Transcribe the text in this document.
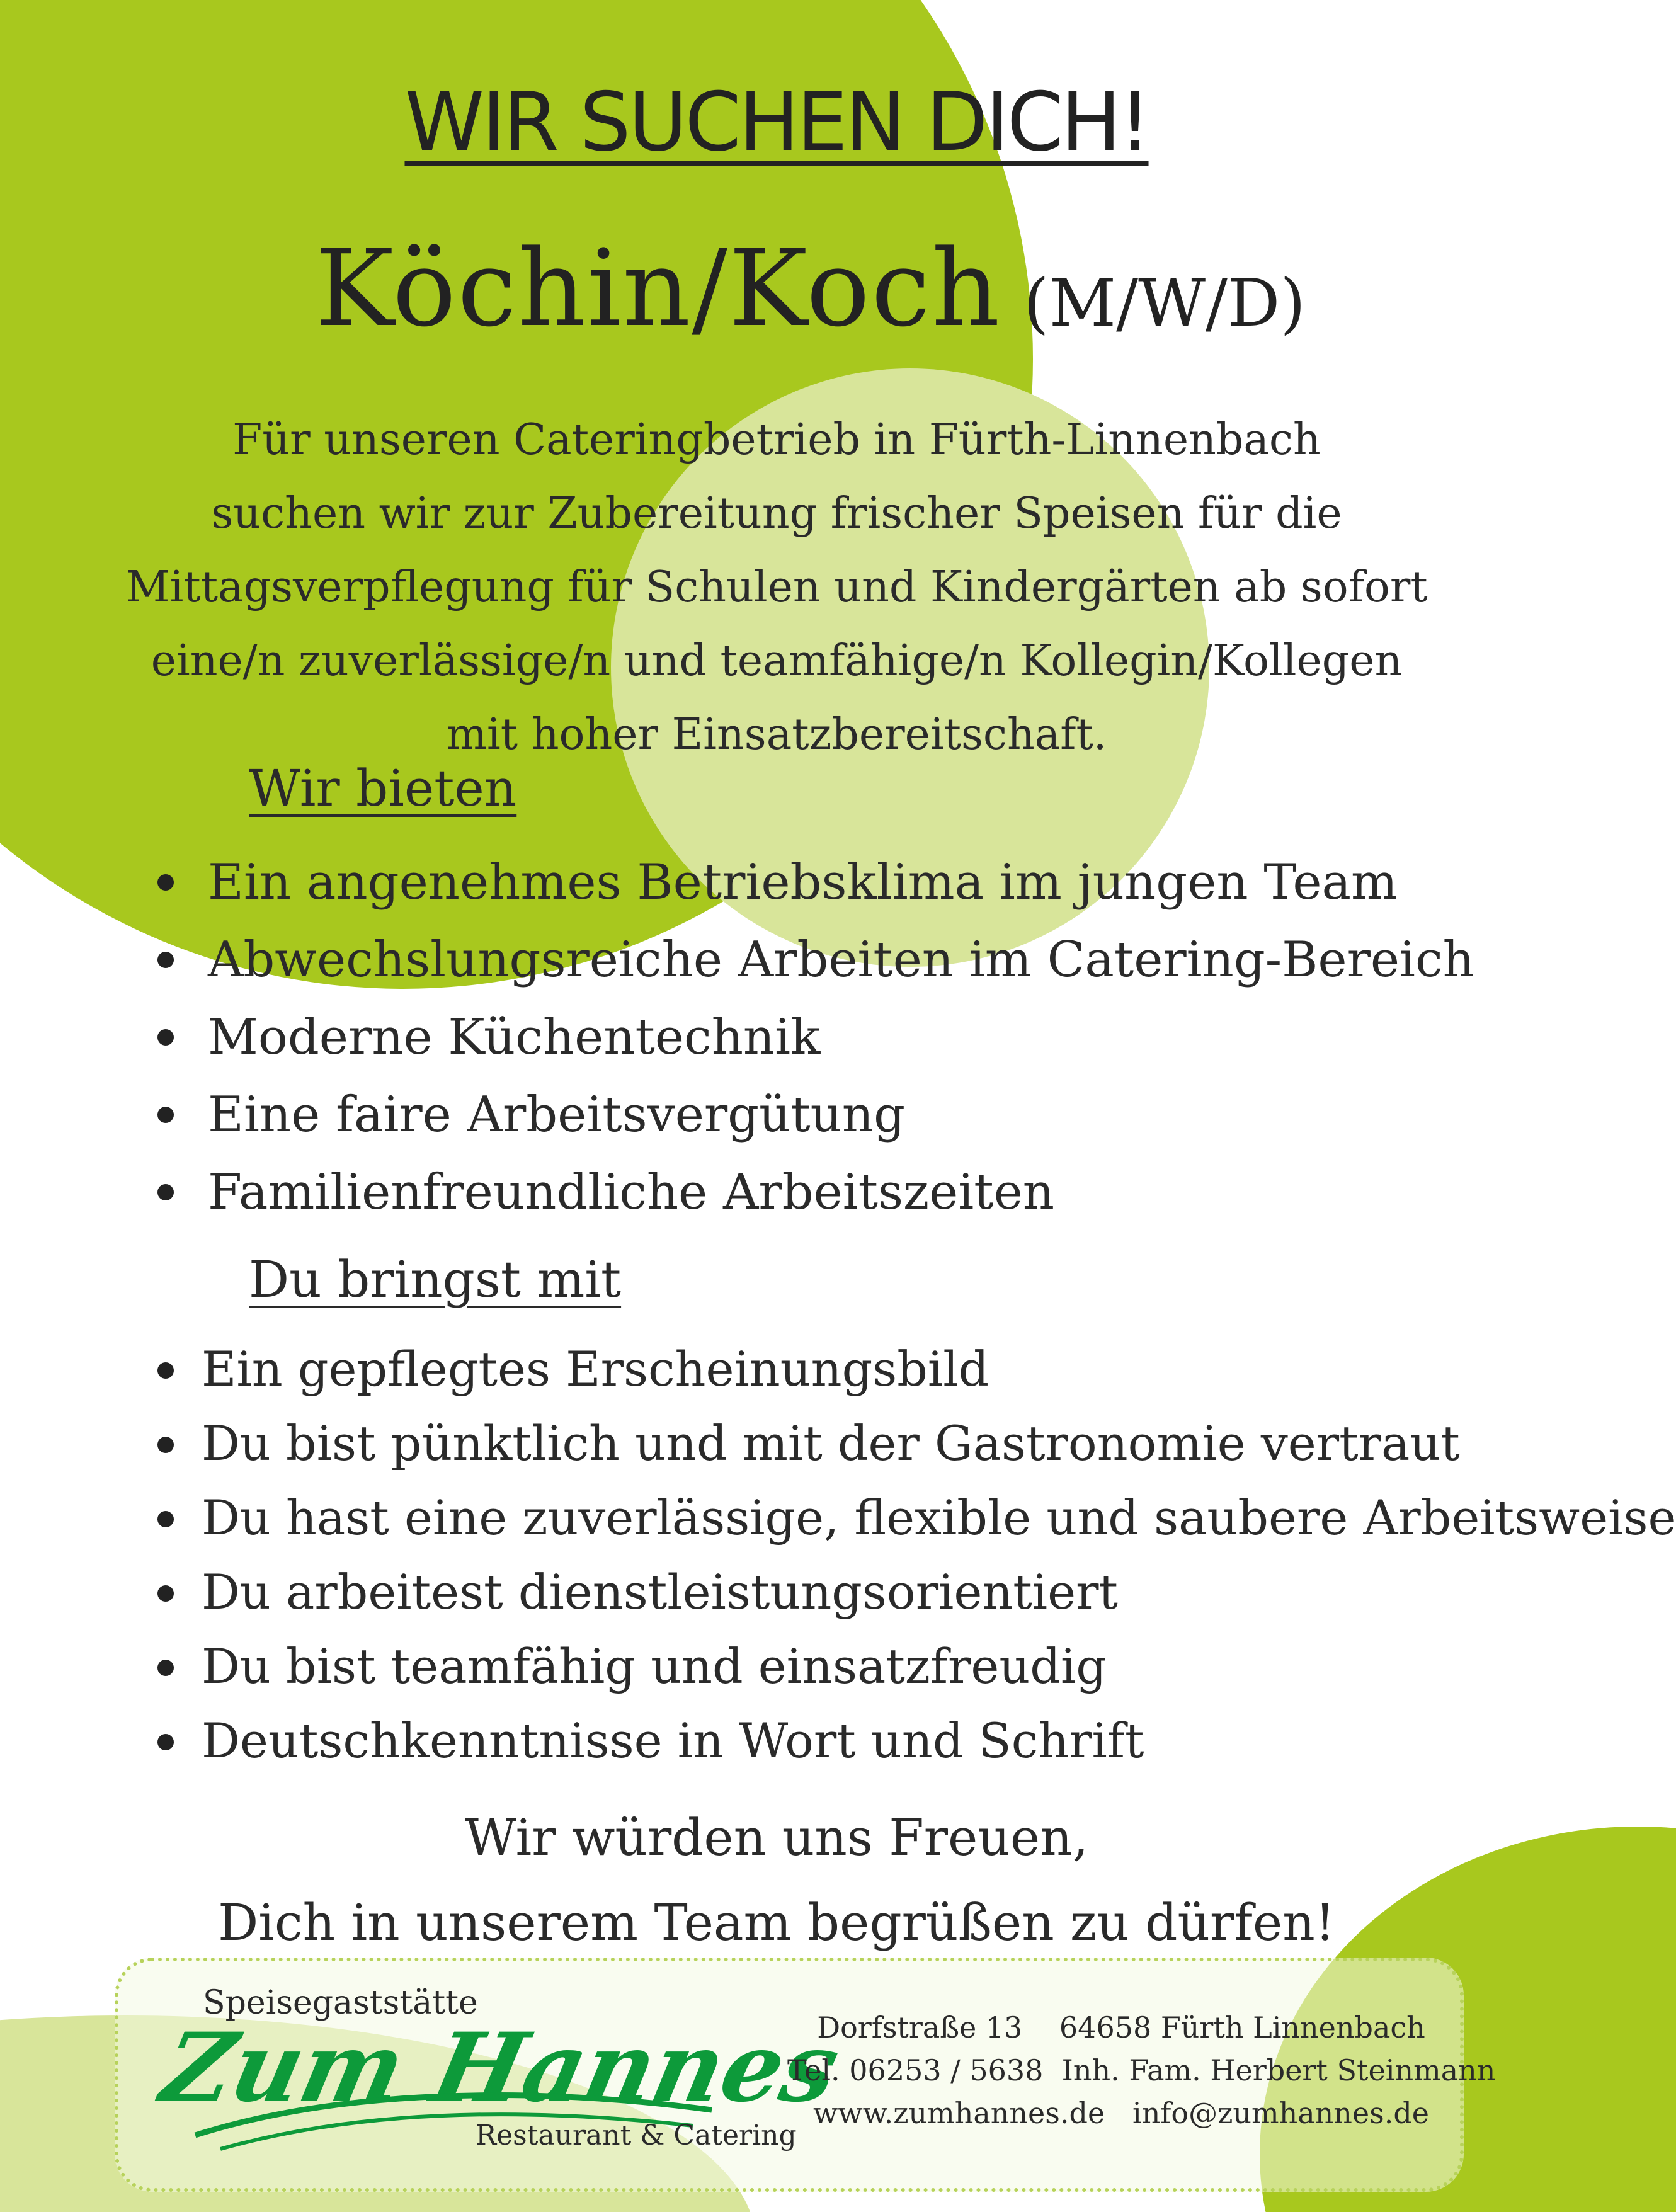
WIR SUCHEN DICH!
Köchin/Koch (M/W/D)
Für unseren Cateringbetrieb in Fürth-Linnenbach
suchen wir zur Zubereitung frischer Speisen für die
Mittagsverpflegung für Schulen und Kindergärten ab sofort
eine/n zuverlässige/n und teamfähige/n Kollegin/Kollegen
mit hoher Einsatzbereitschaft.
Wir bieten
Ein angenehmes Betriebsklima im jungen Team
Abwechslungsreiche Arbeiten im Catering-Bereich
Moderne Küchentechnik
Eine faire Arbeitsvergütung
Familienfreundliche Arbeitszeiten
Du bringst mit
Ein gepflegtes Erscheinungsbild
Du bist pünktlich und mit der Gastronomie vertraut
Du hast eine zuverlässige, flexible und saubere Arbeitsweise
Du arbeitest dienstleistungsorientiert
Du bist teamfähig und einsatzfreudig
Deutschkenntnisse in Wort und Schrift
Wir würden uns Freuen,
Dich in unserem Team begrüßen zu dürfen!
Speisegaststätte
Zum Hannes
Restaurant & Catering
Dorfstraße 13    64658 Fürth Linnenbach
Tel. 06253 / 5638  Inh. Fam. Herbert Steinmann
www.zumhannes.de   info@zumhannes.de
